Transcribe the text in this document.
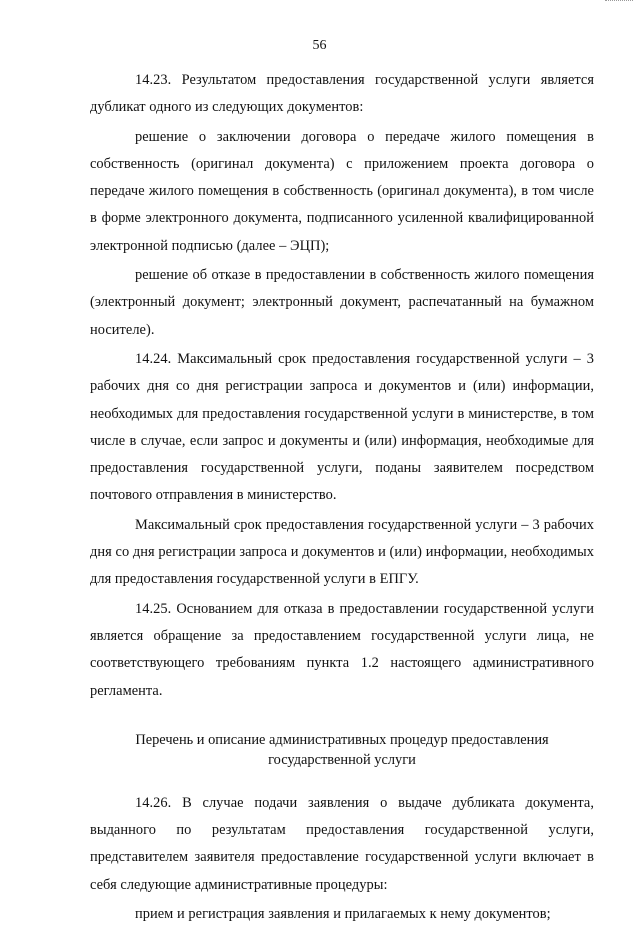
56

14.23. Результатом предоставления государственной услуги является дубликат одного из следующих документов:

решение о заключении договора о передаче жилого помещения в собственность (оригинал документа) с приложением проекта договора о передаче жилого помещения в собственность (оригинал документа), в том числе в форме электронного документа, подписанного усиленной квалифицированной электронной подписью (далее – ЭЦП);

решение об отказе в предоставлении в собственность жилого помещения (электронный документ; электронный документ, распечатанный на бумажном носителе).

14.24. Максимальный срок предоставления государственной услуги – 3 рабочих дня со дня регистрации запроса и документов и (или) информации, необходимых для предоставления государственной услуги в министерстве, в том числе в случае, если запрос и документы и (или) информация, необходимые для предоставления государственной услуги, поданы заявителем посредством почтового отправления в министерство.

Максимальный срок предоставления государственной услуги – 3 рабочих дня со дня регистрации запроса и документов и (или) информации, необходимых для предоставления государственной услуги в ЕПГУ.

14.25. Основанием для отказа в предоставлении государственной услуги является обращение за предоставлением государственной услуги лица, не соответствующего требованиям пункта 1.2 настоящего административного регламента.

Перечень и описание административных процедур предоставления
государственной услуги

14.26. В случае подачи заявления о выдаче дубликата документа, выданного по результатам предоставления государственной услуги, представителем заявителя предоставление государственной услуги включает в себя следующие административные процедуры:

прием и регистрация заявления и прилагаемых к нему документов;
